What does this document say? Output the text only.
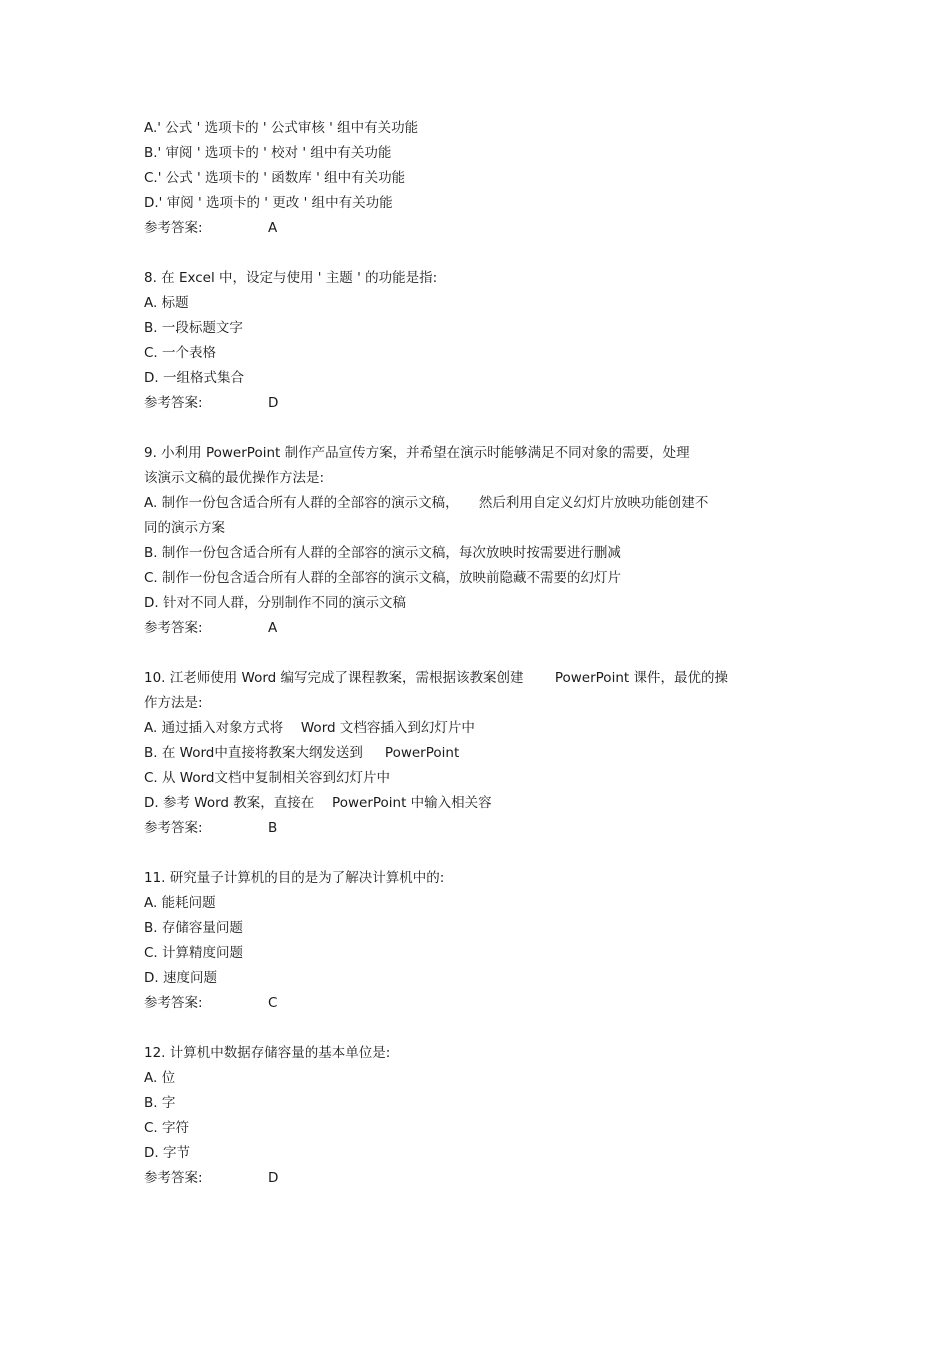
A.' 公式 ' 选项卡的 ' 公式审核 ' 组中有关功能
B.' 审阅 ' 选项卡的 ' 校对 ' 组中有关功能
C.' 公式 ' 选项卡的 ' 函数库 ' 组中有关功能
D.' 审阅 ' 选项卡的 ' 更改 ' 组中有关功能
参考答案:	A
8. 在 Excel 中，设定与使用 ' 主题 ' 的功能是指:
A. 标题
B. 一段标题文字
C. 一个表格
D. 一组格式集合
参考答案:	D
9. 小利用 PowerPoint 制作产品宣传方案，并希望在演示时能够满足不同对象的需要，处理
该演示文稿的最优操作方法是:
A. 制作一份包含适合所有人群的全部容的演示文稿，　　然后利用自定义幻灯片放映功能创建不
同的演示方案
B. 制作一份包含适合所有人群的全部容的演示文稿，每次放映时按需要进行删减
C. 制作一份包含适合所有人群的全部容的演示文稿，放映前隐藏不需要的幻灯片
D. 针对不同人群，分别制作不同的演示文稿
参考答案:	A
10. 江老师使用 Word 编写完成了课程教案，需根据该教案创建 　　PowerPoint 课件，最优的操
作方法是:
A. 通过插入对象方式将 　Word 文档容插入到幻灯片中
B. 在 Word中直接将教案大纲发送到 　 PowerPoint
C. 从 Word文档中复制相关容到幻灯片中
D. 参考 Word 教案，直接在 　PowerPoint 中输入相关容
参考答案:	B
11. 研究量子计算机的目的是为了解决计算机中的:
A. 能耗问题
B. 存储容量问题
C. 计算精度问题
D. 速度问题
参考答案:	C
12. 计算机中数据存储容量的基本单位是:
A. 位
B. 字
C. 字符
D. 字节
参考答案:	D
